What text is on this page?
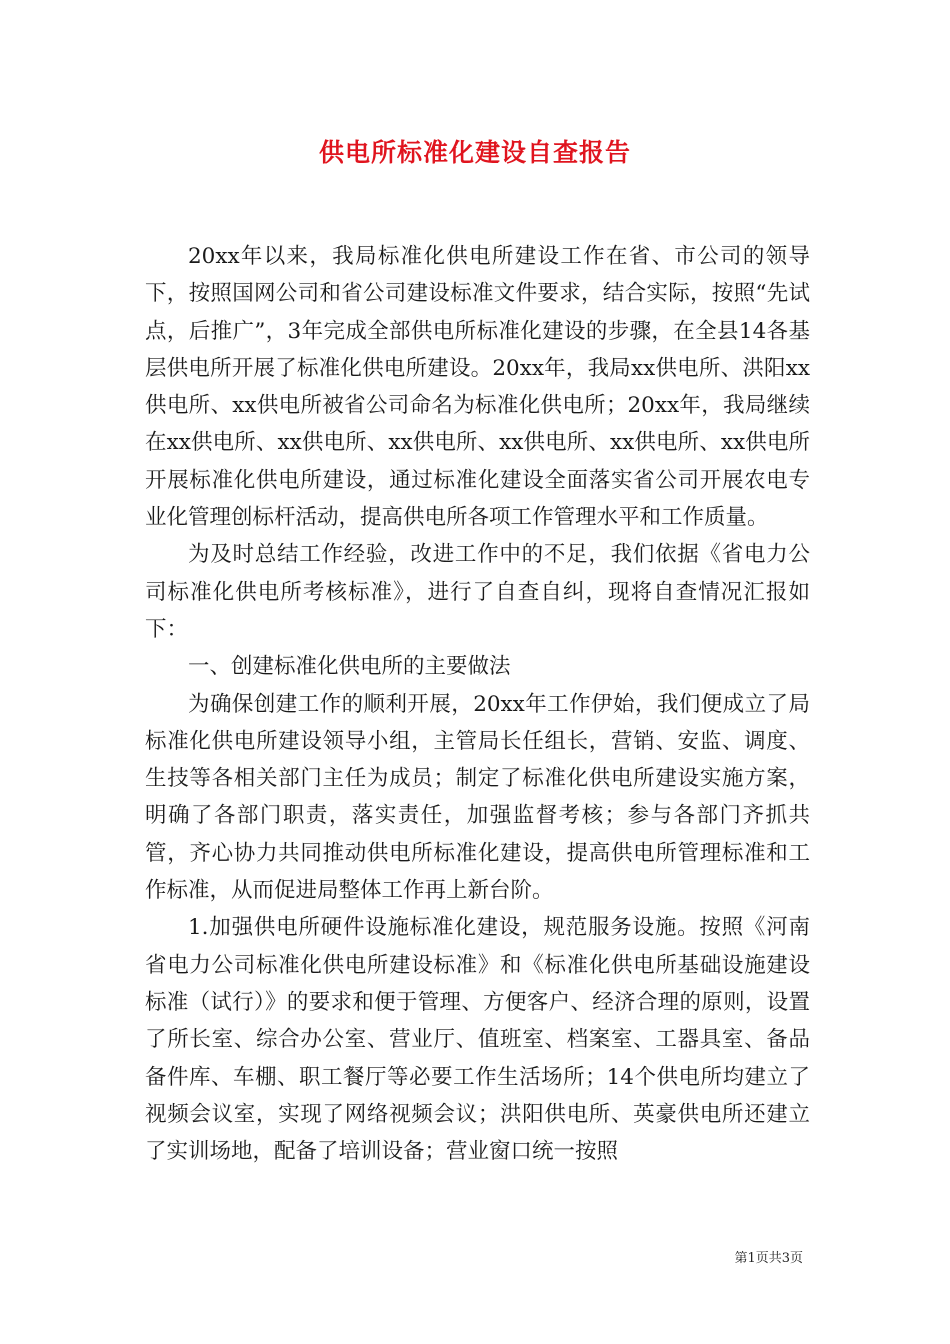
供电所标准化建设自查报告

20xx年以来，我局标准化供电所建设工作在省、市公司的领导下，按照国网公司和省公司建设标准文件要求，结合实际，按照“先试点，后推广”，3年完成全部供电所标准化建设的步骤，在全县14各基层供电所开展了标准化供电所建设。20xx年，我局xx供电所、洪阳xx供电所、xx供电所被省公司命名为标准化供电所；20xx年，我局继续在xx供电所、xx供电所、xx供电所、xx供电所、xx供电所、xx供电所开展标准化供电所建设，通过标准化建设全面落实省公司开展农电专业化管理创标杆活动，提高供电所各项工作管理水平和工作质量。

为及时总结工作经验，改进工作中的不足，我们依据《省电力公司标准化供电所考核标准》，进行了自查自纠，现将自查情况汇报如下：

一、创建标准化供电所的主要做法

为确保创建工作的顺利开展，20xx年工作伊始，我们便成立了局标准化供电所建设领导小组，主管局长任组长，营销、安监、调度、生技等各相关部门主任为成员；制定了标准化供电所建设实施方案，明确了各部门职责，落实责任，加强监督考核；参与各部门齐抓共管，齐心协力共同推动供电所标准化建设，提高供电所管理标准和工作标准，从而促进局整体工作再上新台阶。

1.加强供电所硬件设施标准化建设，规范服务设施。按照《河南省电力公司标准化供电所建设标准》和《标准化供电所基础设施建设标准（试行）》的要求和便于管理、方便客户、经济合理的原则，设置了所长室、综合办公室、营业厅、值班室、档案室、工器具室、备品备件库、车棚、职工餐厅等必要工作生活场所；14个供电所均建立了视频会议室，实现了网络视频会议；洪阳供电所、英豪供电所还建立了实训场地，配备了培训设备；营业窗口统一按照

第1页共3页
